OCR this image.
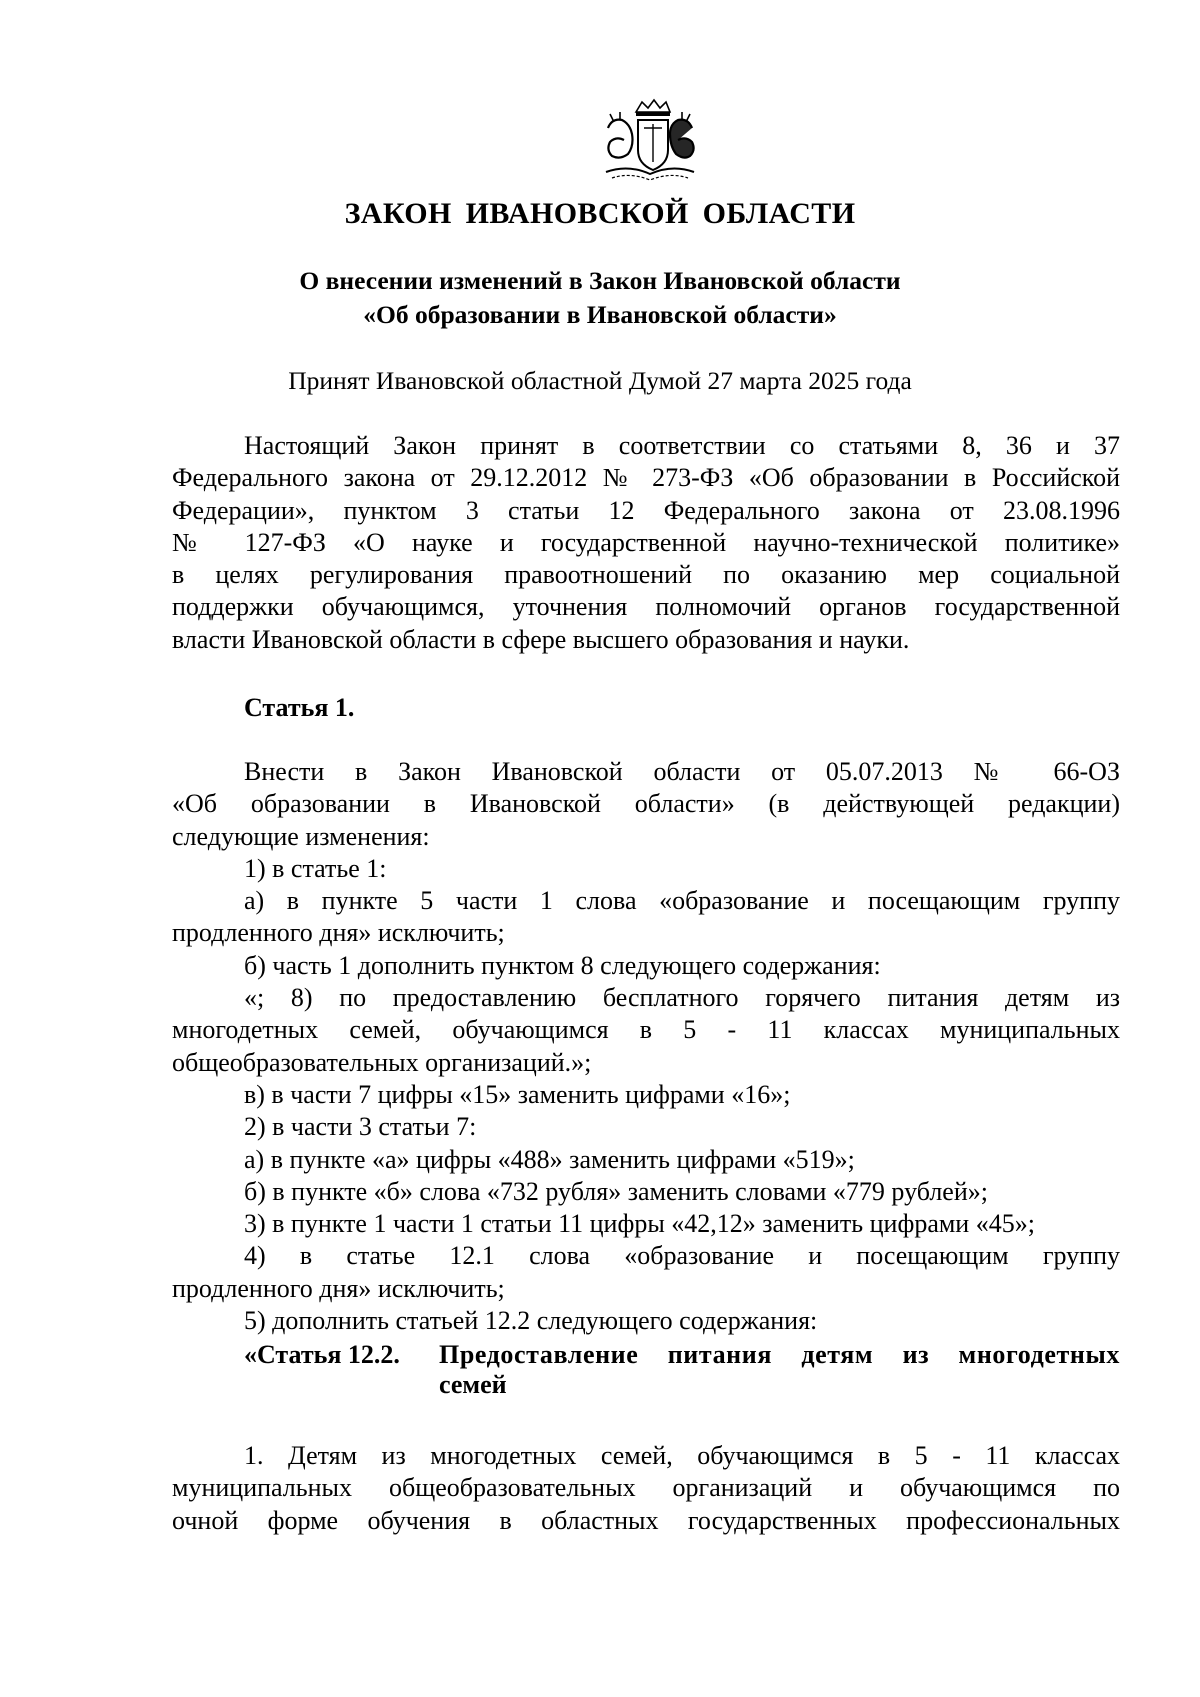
ЗАКОН ИВАНОВСКОЙ ОБЛАСТИ
О внесении изменений в Закон Ивановской области
«Об образовании в Ивановской области»
Принят Ивановской областной Думой 27 марта 2025 года
Настоящий Закон принят в соответствии со статьями 8, 36 и 37
Федерального закона от 29.12.2012 № 273-ФЗ «Об образовании в Российской
Федерации», пунктом 3 статьи 12 Федерального закона от 23.08.1996
№ 127-ФЗ «О науке и государственной научно-технической политике»
в целях регулирования правоотношений по оказанию мер социальной
поддержки обучающимся, уточнения полномочий органов государственной
власти Ивановской области в сфере высшего образования и науки.
Статья 1.
Внести в Закон Ивановской области от 05.07.2013 № 66-ОЗ
«Об образовании в Ивановской области» (в действующей редакции)
следующие изменения:
1) в статье 1:
а) в пункте 5 части 1 слова «образование и посещающим группу
продленного дня» исключить;
б) часть 1 дополнить пунктом 8 следующего содержания:
«; 8) по предоставлению бесплатного горячего питания детям из
многодетных семей, обучающимся в 5 - 11 классах муниципальных
общеобразовательных организаций.»;
в) в части 7 цифры «15» заменить цифрами «16»;
2) в части 3 статьи 7:
а) в пункте «а» цифры «488» заменить цифрами «519»;
б) в пункте «б» слова «732 рубля» заменить словами «779 рублей»;
3) в пункте 1 части 1 статьи 11 цифры «42,12» заменить цифрами «45»;
4) в статье 12.1 слова «образование и посещающим группу
продленного дня» исключить;
5) дополнить статьей 12.2 следующего содержания:
«Статья 12.2.	Предоставление питания детям из многодетных
семей
1. Детям из многодетных семей, обучающимся в 5 - 11 классах
муниципальных общеобразовательных организаций и обучающимся по
очной форме обучения в областных государственных профессиональных
